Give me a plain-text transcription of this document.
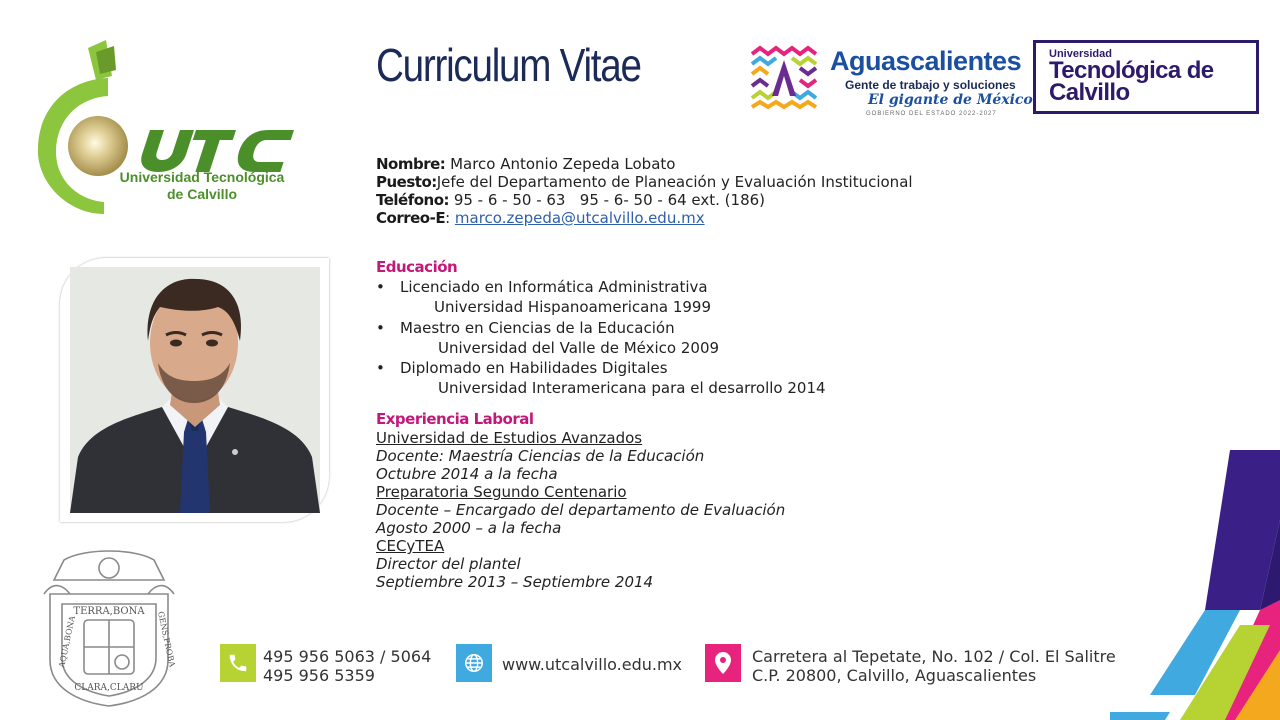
Universidad Tecnológica
de Calvillo
Curriculum Vitae	Aguascalientes
Gente de trabajo y soluciones
El gigante de México
GOBIERNO DEL ESTADO 2022-2027
Universidad
Tecnológica de
Calvillo
Nombre: Marco Antonio Zepeda Lobato
Puesto:Jefe del Departamento de Planeación y Evaluación Institucional
Teléfono: 95 - 6 - 50 - 63   95 - 6- 50 - 64 ext. (186)
Correo-E: marco.zepeda@utcalvillo.edu.mx
Educación
• Licenciado en Informática Administrativa
Universidad Hispanoamericana 1999
• Maestro en Ciencias de la Educación
Universidad del Valle de México 2009
• Diplomado en Habilidades Digitales
Universidad Interamericana para el desarrollo 2014
Experiencia Laboral
Universidad de Estudios Avanzados
Docente: Maestría Ciencias de la Educación
Octubre 2014 a la fecha
Preparatoria Segundo Centenario
Docente – Encargado del departamento de Evaluación
Agosto 2000 – a la fecha
CECyTEA
Director del plantel
Septiembre 2013 – Septiembre 2014
TERRA,BONA
CLARA,CLARU
GENS,PROBA
AQUA,BONA	495 956 5063 / 5064
495 956 5359
www.utcalvillo.edu.mx	Carretera al Tepetate, No. 102 / Col. El Salitre
C.P. 20800, Calvillo, Aguascalientes
